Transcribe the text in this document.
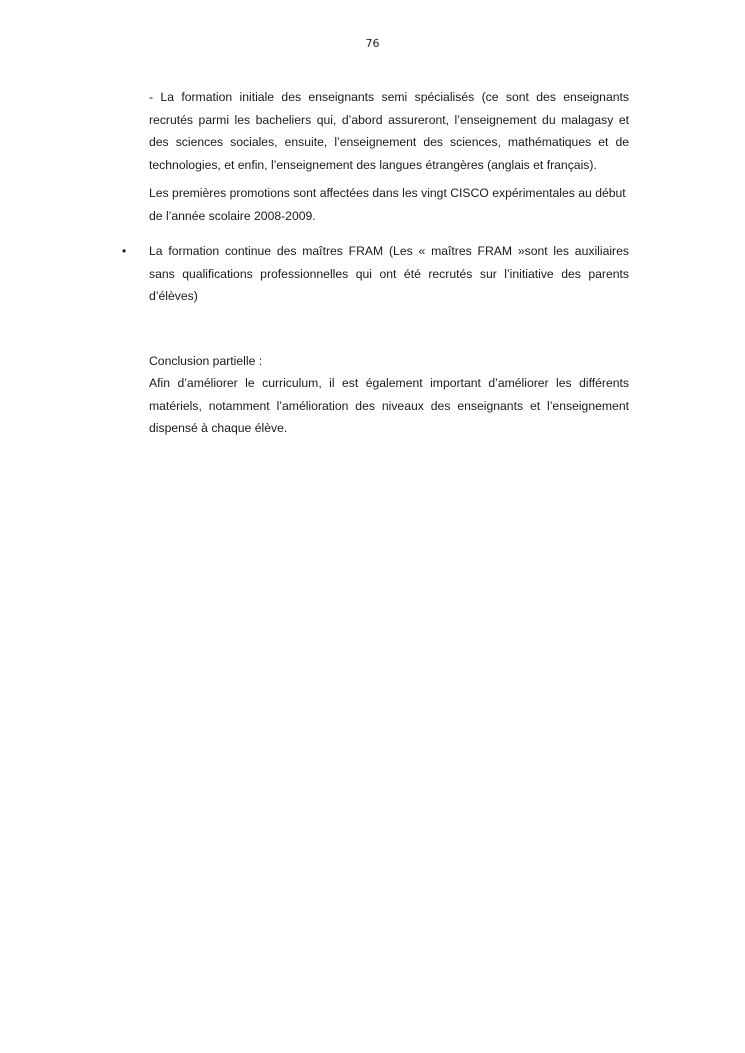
76

- La formation initiale des enseignants semi spécialisés (ce sont des enseignants recrutés parmi les bacheliers qui, d’abord assureront, l’enseignement du malagasy et des sciences sociales, ensuite, l’enseignement des sciences, mathématiques et de technologies, et enfin, l’enseignement des langues étrangères (anglais et français).

Les premières promotions sont affectées dans les vingt CISCO expérimentales au début de l’année scolaire 2008-2009.

• La formation continue des maîtres FRAM (Les « maîtres FRAM »sont les auxiliaires sans qualifications professionnelles qui ont été recrutés sur l’initiative des parents d’élèves)

Conclusion partielle :

Afin d’améliorer le curriculum, il est également important d’améliorer les différents matériels, notamment l’amélioration des niveaux des enseignants et l’enseignement dispensé à chaque élève.
